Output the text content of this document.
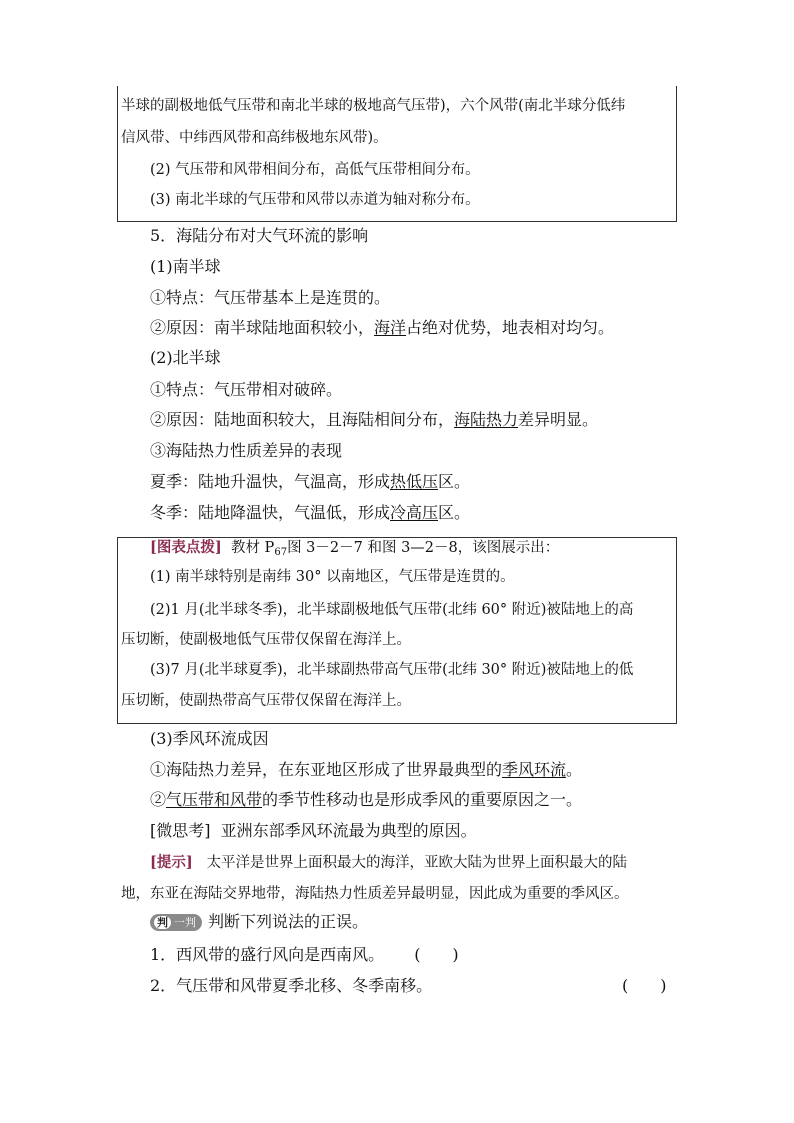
半球的副极地低气压带和南北半球的极地高气压带)，六个风带(南北半球分低纬
信风带、中纬西风带和高纬极地东风带)。
(2) 气压带和风带相间分布，高低气压带相间分布。
(3) 南北半球的气压带和风带以赤道为轴对称分布。
5．海陆分布对大气环流的影响
(1)南半球
①特点：气压带基本上是连贯的。
②原因：南半球陆地面积较小，海洋占绝对优势，地表相对均匀。
(2)北半球
①特点：气压带相对破碎。
②原因：陆地面积较大，且海陆相间分布，海陆热力差异明显。
③海陆热力性质差异的表现
夏季：陆地升温快，气温高，形成热低压区。
冬季：陆地降温快，气温低，形成冷高压区。
[图表点拨] 教材 $P_{67}$图 3－2－7 和图 3—2－8，该图展示出：
(1) 南半球特别是南纬 30° 以南地区，气压带是连贯的。
(2)1 月(北半球冬季)，北半球副极地低气压带(北纬 60° 附近)被陆地上的高
压切断，使副极地低气压带仅保留在海洋上。
(3)7 月(北半球夏季)，北半球副热带高气压带(北纬 30° 附近)被陆地上的低
压切断，使副热带高气压带仅保留在海洋上。
(3)季风环流成因
①海陆热力差异，在东亚地区形成了世界最典型的季风环流。
②气压带和风带的季节性移动也是形成季风的重要原因之一。
[微思考] 亚洲东部季风环流最为典型的原因。
[提示] 太平洋是世界上面积最大的海洋，亚欧大陆为世界上面积最大的陆
地，东亚在海陆交界地带，海陆热力性质差异最明显，因此成为重要的季风区。
判 一判 判断下列说法的正误。
1．西风带的盛行风向是西南风。 (　　)
2．气压带和风带夏季北移、冬季南移。	(　　)
